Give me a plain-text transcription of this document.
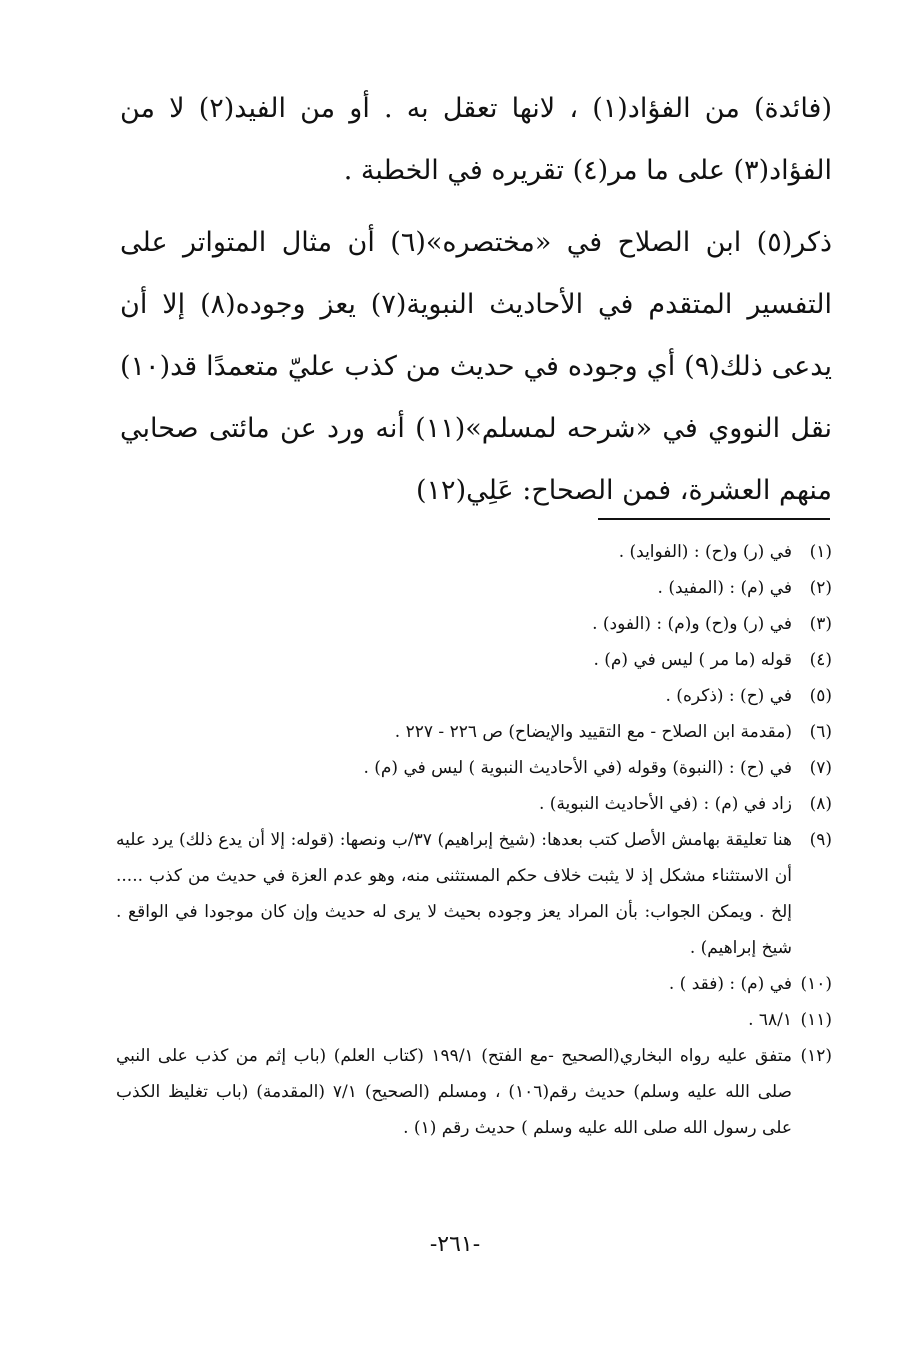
(فائدة) من الفؤاد(١) ، لانها تعقل به . أو من الفيد(٢) لا من الفؤاد(٣) على ما مر(٤) تقريره في الخطبة .

ذكر(٥) ابن الصلاح في «مختصره»(٦) أن مثال المتواتر على التفسير المتقدم في الأحاديث النبوية(٧) يعز وجوده(٨) إلا أن يدعى ذلك(٩) أي وجوده في حديث من كذب عليّ متعمدًا قد(١٠) نقل النووي في «شرحه لمسلم»(١١) أنه ورد عن مائتى صحابي منهم العشرة، فمن الصحاح: عَلِي(١٢)

(١)
في (ر) و(ح) : (الفوايد) .
(٢)
في (م) : (المفيد) .
(٣)
في (ر) و(ح) و(م) : (الفود) .
(٤)
قوله (ما مر ) ليس في (م) .
(٥)
في (ح) : (ذكره) .
(٦)
(مقدمة ابن الصلاح - مع التقييد والإيضاح) ص ٢٢٦ - ٢٢٧ .
(٧)
في (ح) : (النبوة) وقوله (في الأحاديث النبوية ) ليس في (م) .
(٨)
زاد في (م) : (في الأحاديث النبوية) .
(٩)
هنا تعليقة بهامش الأصل كتب بعدها: (شيخ إبراهيم) ٣٧/ب ونصها: (قوله: إلا أن يدع ذلك) يرد عليه أن الاستثناء مشكل إذ لا يثبت خلاف حكم المستثنى منه، وهو عدم العزة في حديث من كذب ..... إلخ . ويمكن الجواب: بأن المراد يعز وجوده بحيث لا يرى له حديث وإن كان موجودا في الواقع . شيخ إبراهيم) .
(١٠)
في (م) : (فقد ) .
(١١)
٦٨/١ .
(١٢)
متفق عليه رواه البخاري(الصحيح -مع الفتح) ١٩٩/١ (كتاب العلم) (باب إثم من كذب على النبي صلى الله عليه وسلم) حديث رقم(١٠٦) ، ومسلم (الصحيح) ٧/١ (المقدمة) (باب تغليظ الكذب على رسول الله صلى الله عليه وسلم ) حديث رقم (١) .
-٢٦١-
